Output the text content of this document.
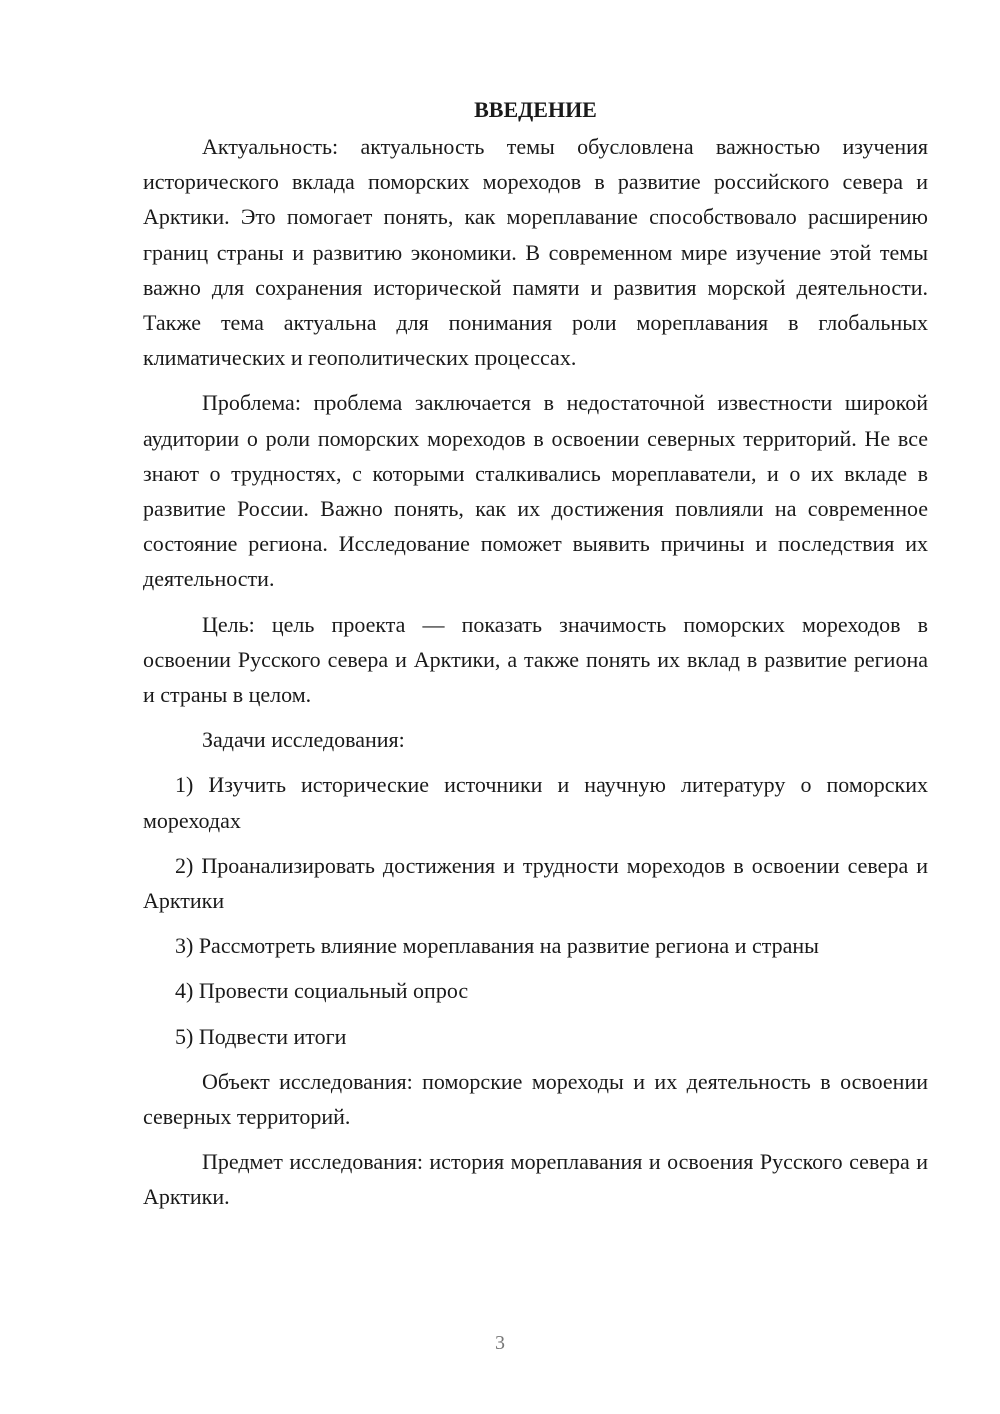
ВВЕДЕНИЕ

Актуальность: актуальность темы обусловлена важностью изучения исторического вклада поморских мореходов в развитие российского севера и Арктики. Это помогает понять, как мореплавание способствовало расширению границ страны и развитию экономики. В современном мире изучение этой темы важно для сохранения исторической памяти и развития морской деятельности. Также тема актуальна для понимания роли мореплавания в глобальных климатических и геополитических процессах.

Проблема: проблема заключается в недостаточной известности широкой аудитории о роли поморских мореходов в освоении северных территорий. Не все знают о трудностях, с которыми сталкивались мореплаватели, и о их вкладе в развитие России. Важно понять, как их достижения повлияли на современное состояние региона. Исследование поможет выявить причины и последствия их деятельности.

Цель: цель проекта — показать значимость поморских мореходов в освоении Русского севера и Арктики, а также понять их вклад в развитие региона и страны в целом.

Задачи исследования:

1) Изучить исторические источники и научную литературу о поморских мореходах

2) Проанализировать достижения и трудности мореходов в освоении севера и Арктики

3) Рассмотреть влияние мореплавания на развитие региона и страны

4) Провести социальный опрос

5) Подвести итоги

Объект исследования: поморские мореходы и их деятельность в освоении северных территорий.

Предмет исследования: история мореплавания и освоения Русского севера и Арктики.

3
